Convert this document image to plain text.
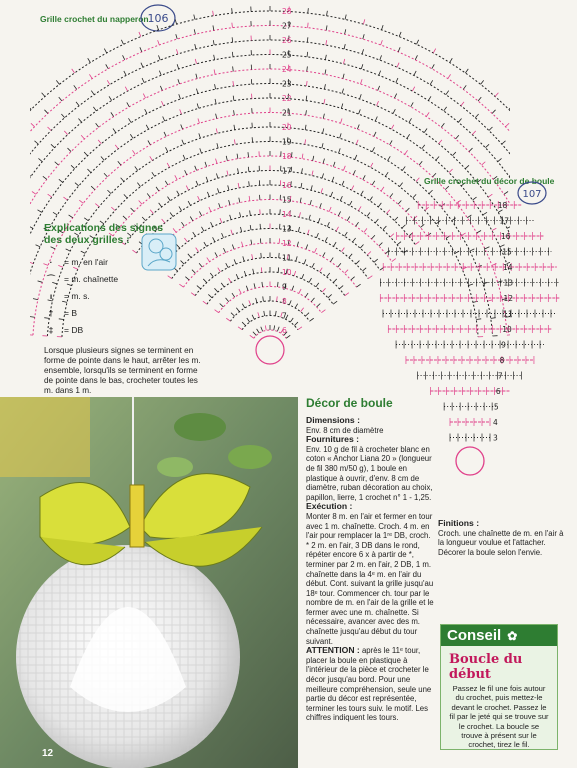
Grille crochet du napperon
106
28
27
26
25
24
23
22
21
20
19
18
17
16
15
14
13
12
11
10
9
8
7
6
Grille crochet du décor de boule
107
18
17
16
15
14
13
12
11
10
9
8
7
6
5
4
3
Explications des signes
des deux grilles :
·	= m. en l'air
⌒	= m. chaînette
ı	= m. s.
†	= B
‡	= DB
Lorsque plusieurs signes se terminent en forme de pointe dans le haut, arrêter les m. ensemble, lorsqu'ils se terminent en forme de pointe dans le bas, crocheter toutes les m. dans 1 m.
12
Décor de boule
Dimensions :
Env. 8 cm de diamètre
Fournitures :
Env. 10 g de fil à crocheter blanc en coton « Anchor Liana 20 » (longueur de fil 380 m/50 g), 1 boule en plastique à ouvrir, d'env. 8 cm de diamètre, ruban décoration au choix, papillon, lierre, 1 crochet n° 1 - 1,25.
Exécution :
Monter 8 m. en l'air et fermer en tour avec 1 m. chaînette. Croch. 4 m. en l'air pour remplacer la 1ʳᵉ DB, croch. * 2 m. en l'air, 3 DB dans le rond, répéter encore 6 x à partir de *, terminer par 2 m. en l'air, 2 DB, 1 m. chaînette dans la 4ᵉ m. en l'air du début. Cont. suivant la grille jusqu'au 18ᵉ tour. Commencer ch. tour par le nombre de m. en l'air de la grille et le fermer avec une m. chaînette. Si nécessaire, avancer avec des m. chaînette jusqu'au début du tour suivant.
ATTENTION : après le 11ᵉ tour, placer la boule en plastique à l'intérieur de la pièce et crocheter le décor jusqu'au bord. Pour une meilleure compréhension, seule une partie du décor est représentée, terminer les tours suiv. le motif. Les chiffres indiquent les tours.
Finitions :
Croch. une chaînette de m. en l'air à la longueur voulue et l'attacher. Décorer la boule selon l'envie.
Conseil ✿
Boucle du début
Passez le fil une fois autour du crochet, puis mettez-le devant le crochet. Passez le fil par le jeté qui se trouve sur le crochet. La boucle se trouve à présent sur le crochet, tirez le fil.
